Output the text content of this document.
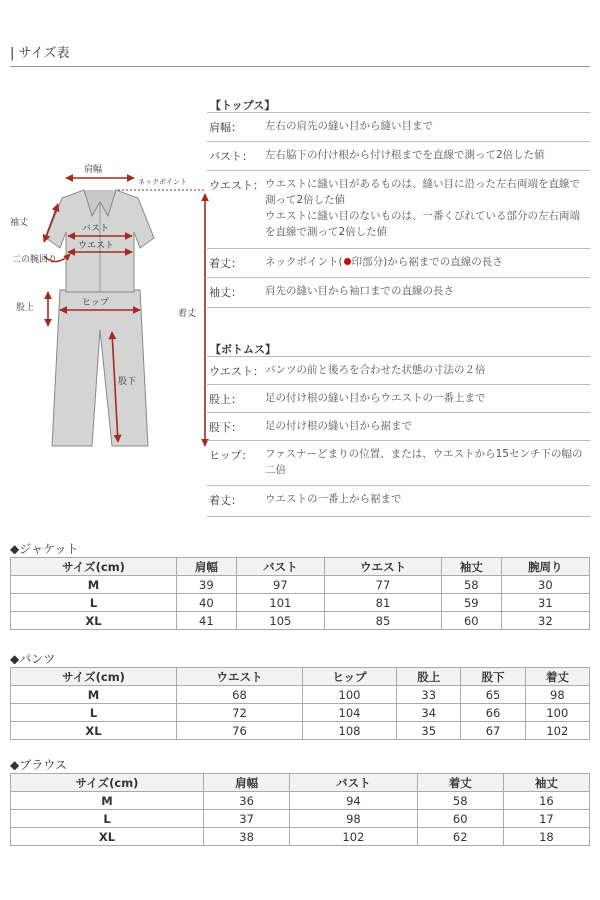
| サイズ表
肩幅
ネックポイント
袖丈
バスト
ウエスト
二の腕回り
着丈
股上	ヒップ
股下
【トップス】
肩幅： 左右の肩先の縫い目から縫い目まで
バスト： 左右脇下の付け根から付け根までを直線で測って2倍した値
ウエスト： ウエストに縫い目があるものは、縫い目に沿った左右両端を直線で測って2倍した値
ウエストに縫い目のないものは、一番くびれている部分の左右両端を直線で測って2倍した値
着丈： ネックポイント( 印部分)から裾までの直線の長さ
袖丈： 肩先の縫い目から袖口までの直線の長さ
【ボトムス】
ウエスト： パンツの前と後ろを合わせた状態の寸法の２倍
股上： 足の付け根の縫い目からウエストの一番上まで
股下： 足の付け根の縫い目から裾まで
ヒップ： ファスナーどまりの位置、または、ウエストから15センチ下の幅の二倍
着丈： ウエストの一番上から裾まで
◆ジャケット
サイズ(cm)	肩幅	バスト	ウエスト	袖丈	腕周り
M	39	97	77	58	30
L	40	101	81	59	31
XL	41	105	85	60	32
◆パンツ
サイズ(cm)	ウエスト	ヒップ	股上	股下	着丈
M	68	100	33	65	98
L	72	104	34	66	100
XL	76	108	35	67	102
◆ブラウス
サイズ(cm)	肩幅	バスト	着丈	袖丈
M	36	94	58	16
L	37	98	60	17
XL	38	102	62	18
